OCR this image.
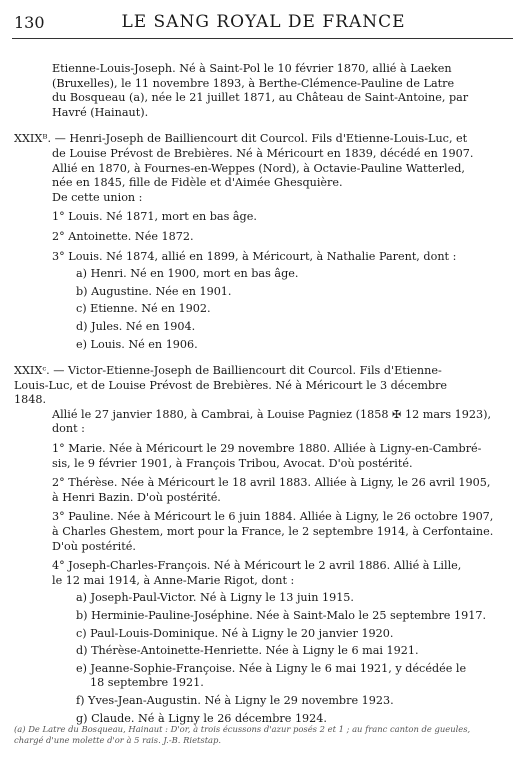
130	LE SANG ROYAL DE FRANCE

Etienne-Louis-Joseph. Né à Saint-Pol le 10 février 1870, allié à Laeken

(Bruxelles), le 11 novembre 1893, à Berthe-Clémence-Pauline de Latre

du Bosqueau (a), née le 21 juillet 1871, au Château de Saint-Antoine, par

Havré (Hainaut).

XXIXᴮ. — Henri-Joseph de Bailliencourt dit Courcol. Fils d'Etienne-Louis-Luc, et

de Louise Prévost de Brebières. Né à Méricourt en 1839, décédé en 1907.

Allié en 1870, à Fournes-en-Weppes (Nord), à Octavie-Pauline Watterled,

née en 1845, fille de Fidèle et d'Aimée Ghesquière.

De cette union :

1° Louis. Né 1871, mort en bas âge.

2° Antoinette. Née 1872.

3° Louis. Né 1874, allié en 1899, à Méricourt, à Nathalie Parent, dont :

a) Henri. Né en 1900, mort en bas âge.

b) Augustine. Née en 1901.

c) Etienne. Né en 1902.

d) Jules. Né en 1904.

e) Louis. Né en 1906.

XXIXᶜ. — Victor-Etienne-Joseph de Bailliencourt dit Courcol. Fils d'Etienne-

Louis-Luc, et de Louise Prévost de Brebières. Né à Méricourt le 3 décembre

1848.

Allié le 27 janvier 1880, à Cambrai, à Louise Pagniez (1858 ✠ 12 mars 1923),

dont :

1° Marie. Née à Méricourt le 29 novembre 1880. Alliée à Ligny-en-Cambré-

sis, le 9 février 1901, à François Tribou, Avocat. D'où postérité.

2° Thérèse. Née à Méricourt le 18 avril 1883. Alliée à Ligny, le 26 avril 1905,

à Henri Bazin. D'où postérité.

3° Pauline. Née à Méricourt le 6 juin 1884. Alliée à Ligny, le 26 octobre 1907,

à Charles Ghestem, mort pour la France, le 2 septembre 1914, à Cerfontaine.

D'où postérité.

4° Joseph-Charles-François. Né à Méricourt le 2 avril 1886. Allié à Lille,

le 12 mai 1914, à Anne-Marie Rigot, dont :

a) Joseph-Paul-Victor. Né à Ligny le 13 juin 1915.

b) Herminie-Pauline-Joséphine. Née à Saint-Malo le 25 septembre 1917.

c) Paul-Louis-Dominique. Né à Ligny le 20 janvier 1920.

d) Thérèse-Antoinette-Henriette. Née à Ligny le 6 mai 1921.

e) Jeanne-Sophie-Françoise. Née à Ligny le 6 mai 1921, y décédée le

18 septembre 1921.

f) Yves-Jean-Augustin. Né à Ligny le 29 novembre 1923.

g) Claude. Né à Ligny le 26 décembre 1924.

(a) De Latre du Bosqueau, Hainaut : D'or, à trois écussons d'azur posés 2 et 1 ; au franc canton de gueules,

chargé d'une molette d'or à 5 rais. J.-B. Rietstap.
